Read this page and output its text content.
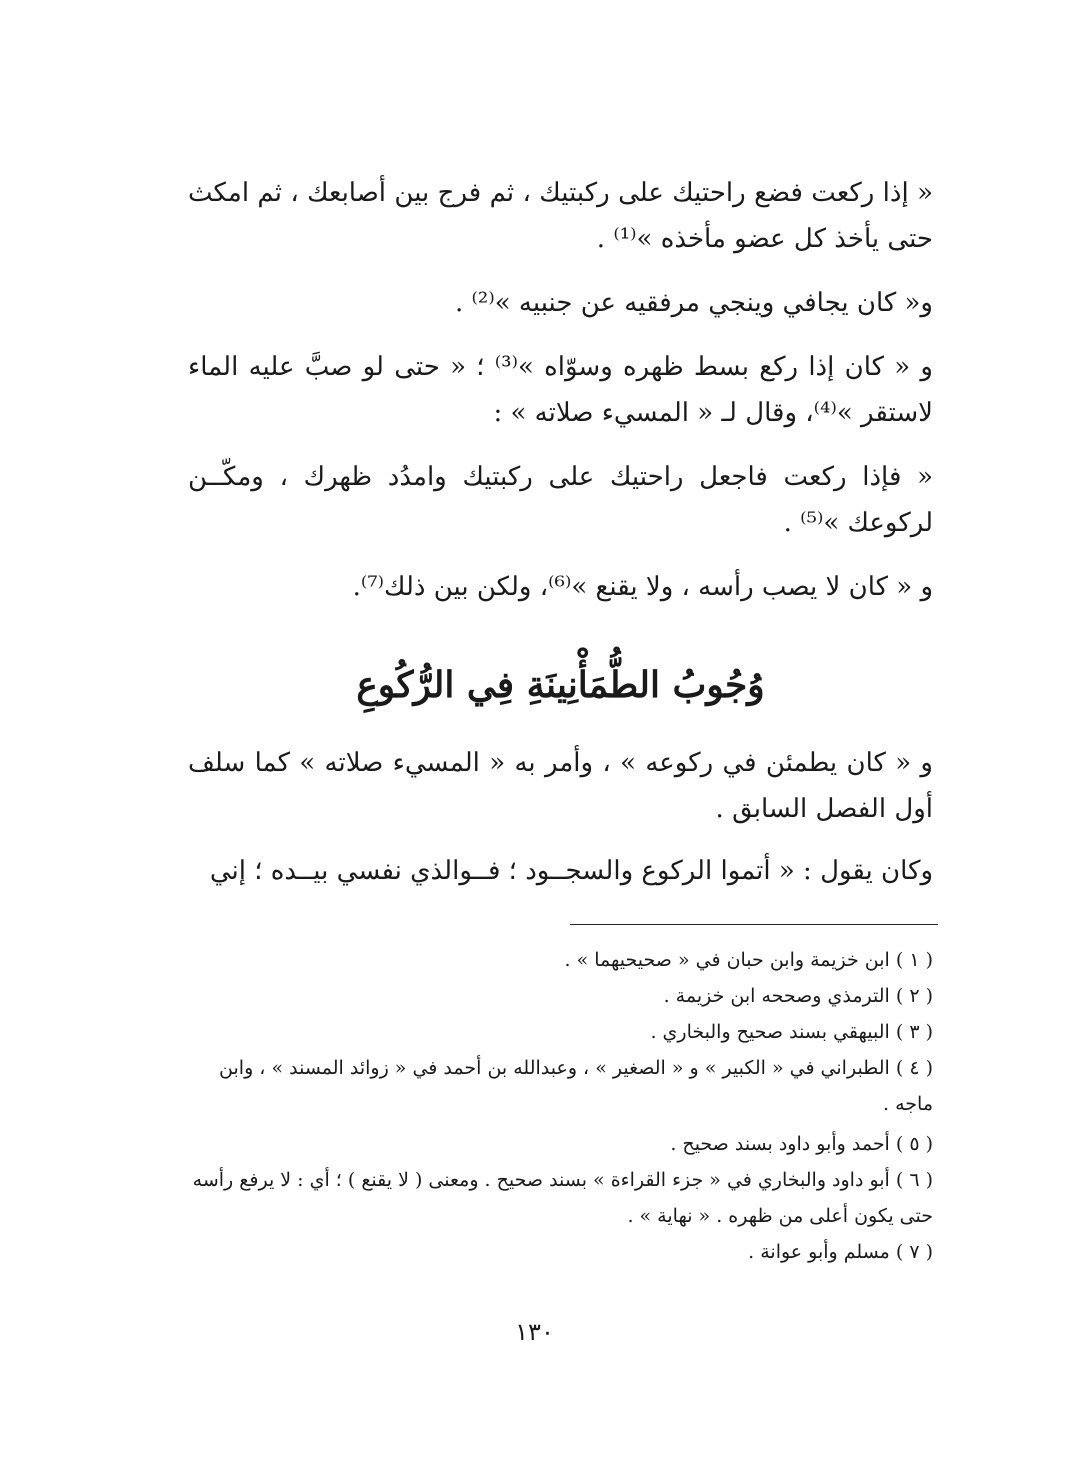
« إذا ركعت فضع راحتيك على ركبتيك ، ثم فرج بين أصابعك ، ثم امكث حتى يأخذ كل عضو مأخذه »⁽¹⁾ .

و« كان يجافي وينجي مرفقيه عن جنبيه »⁽²⁾ .

و « كان إذا ركع بسط ظهره وسوّاه »⁽³⁾ ؛ « حتى لو صبَّ عليه الماء لاستقر »⁽⁴⁾، وقال لـ « المسيء صلاته » :

« فإذا ركعت فاجعل راحتيك على ركبتيك وامدُد ظهرك ، ومكّــن لركوعك »⁽⁵⁾ .

و « كان لا يصب رأسه ، ولا يقنع »⁽⁶⁾، ولكن بين ذلك⁽⁷⁾.

وُجُوبُ الطُّمَأْنِينَةِ فِي الرُّكُوعِ

و « كان يطمئن في ركوعه » ، وأمر به « المسيء صلاته » كما سلف أول الفصل السابق .

وكان يقول : « أتموا الركوع والسجــود ؛ فــوالذي نفسي بيــده ؛ إني

( ١ ) ابن خزيمة وابن حبان في « صحيحيهما » .

( ٢ ) الترمذي وصححه ابن خزيمة .

( ٣ ) البيهقي بسند صحيح والبخاري .

( ٤ ) الطبراني في « الكبير » و « الصغير » ، وعبدالله بن أحمد في « زوائد المسند » ، وابن ماجه .

( ٥ ) أحمد وأبو داود بسند صحيح .

( ٦ ) أبو داود والبخاري في « جزء القراءة » بسند صحيح . ومعنى ( لا يقنع ) ؛ أي : لا يرفع رأسه حتى يكون أعلى من ظهره . « نهاية » .

( ٧ ) مسلم وأبو عوانة .

١٣٠
